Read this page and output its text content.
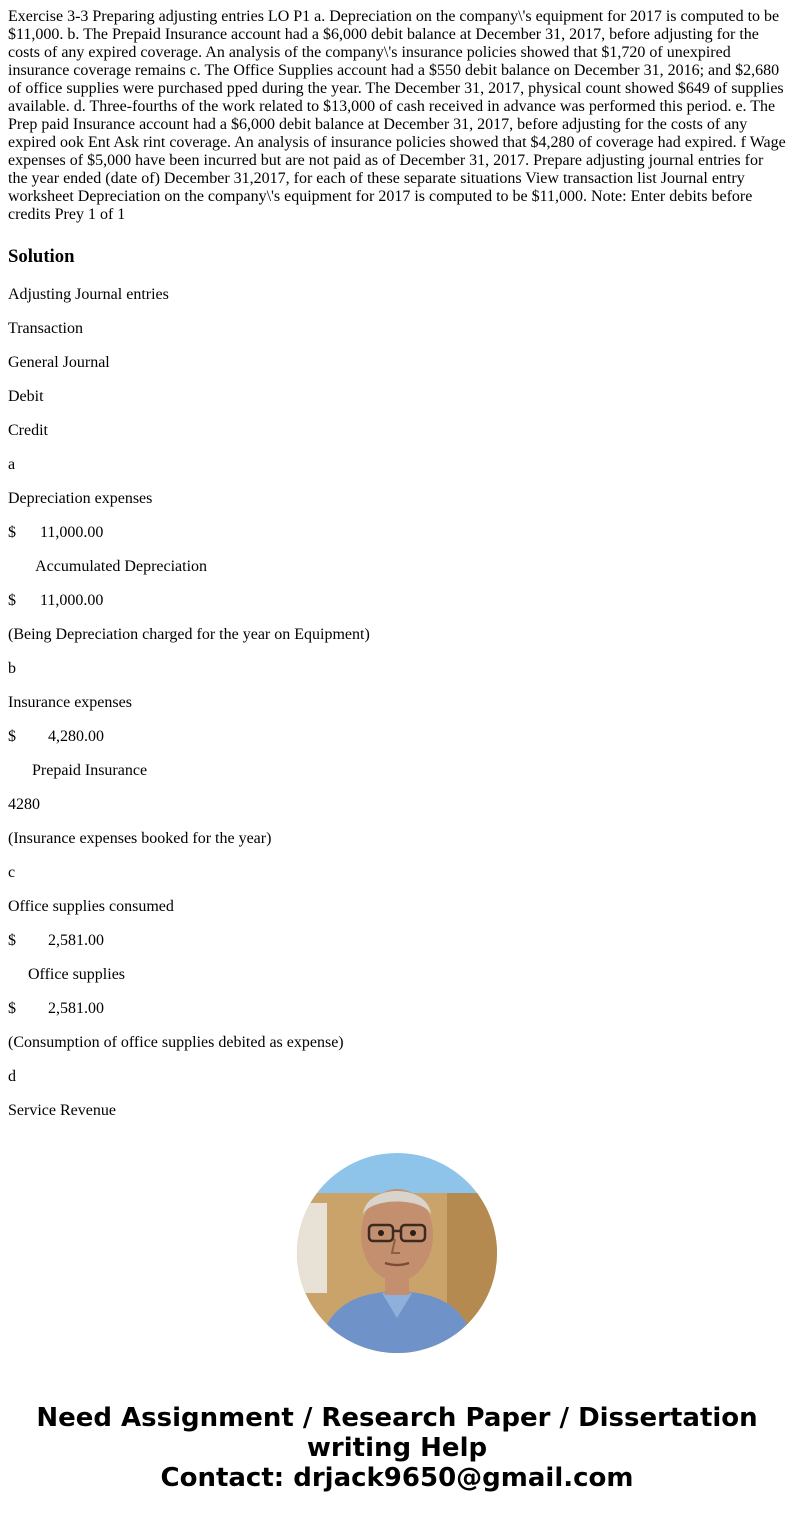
Exercise 3-3 Preparing adjusting entries LO P1 a. Depreciation on the company\'s equipment for 2017 is computed to be $11,000. b. The Prepaid Insurance account had a $6,000 debit balance at December 31, 2017, before adjusting for the costs of any expired coverage. An analysis of the company\'s insurance policies showed that $1,720 of unexpired insurance coverage remains c. The Office Supplies account had a $550 debit balance on December 31, 2016; and $2,680 of office supplies were purchased pped during the year. The December 31, 2017, physical count showed $649 of supplies available. d. Three-fourths of the work related to $13,000 of cash received in advance was performed this period. e. The Prep paid Insurance account had a $6,000 debit balance at December 31, 2017, before adjusting for the costs of any expired ook Ent Ask rint coverage. An analysis of insurance policies showed that $4,280 of coverage had expired. f Wage expenses of $5,000 have been incurred but are not paid as of December 31, 2017. Prepare adjusting journal entries for the year ended (date of) December 31,2017, for each of these separate situations View transaction list Journal entry worksheet Depreciation on the company\'s equipment for 2017 is computed to be $11,000. Note: Enter debits before credits Prey 1 of 1
Solution
Adjusting Journal entries
Transaction
General Journal
Debit
Credit
a
Depreciation expenses
$      11,000.00
Accumulated Depreciation
$      11,000.00
(Being Depreciation charged for the year on Equipment)
b
Insurance expenses
$        4,280.00
Prepaid Insurance
4280
(Insurance expenses booked for the year)
c
Office supplies consumed
$        2,581.00
Office supplies
$        2,581.00
(Consumption of office supplies debited as expense)
d
Service Revenue
Need Assignment / Research Paper / Dissertation
writing Help
Contact: drjack9650@gmail.com
